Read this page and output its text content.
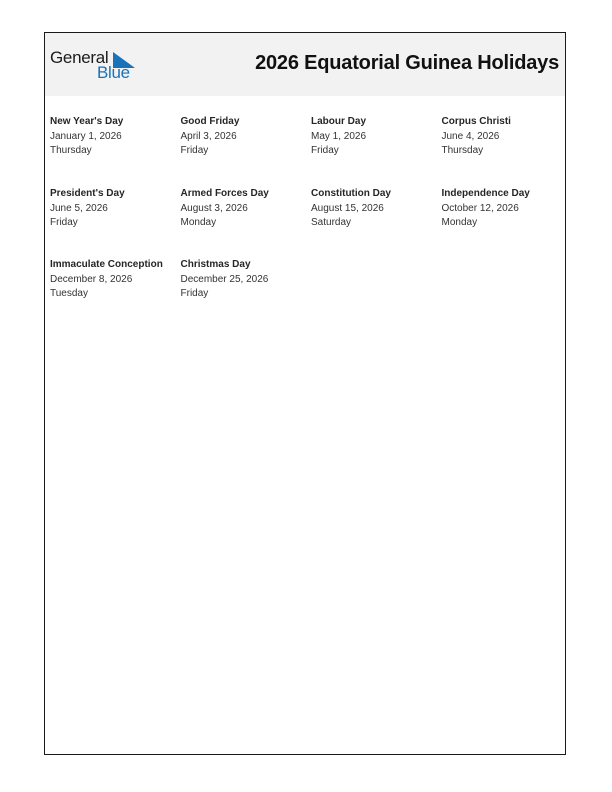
General
Blue	2026 Equatorial Guinea Holidays
New Year's Day
January 1, 2026
Thursday
Good Friday
April 3, 2026
Friday
Labour Day
May 1, 2026
Friday
Corpus Christi
June 4, 2026
Thursday
President's Day
June 5, 2026
Friday
Armed Forces Day
August 3, 2026
Monday
Constitution Day
August 15, 2026
Saturday
Independence Day
October 12, 2026
Monday
Immaculate Conception
December 8, 2026
Tuesday
Christmas Day
December 25, 2026
Friday
